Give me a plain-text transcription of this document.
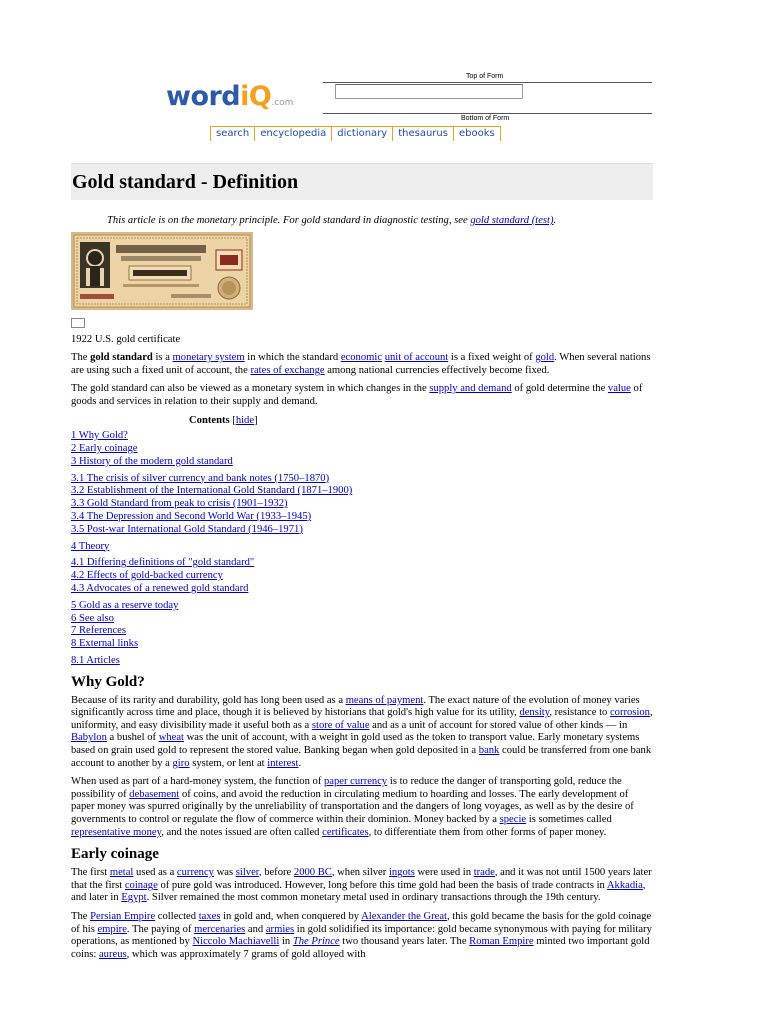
wordiQ.com
Top of Form
Bottom of Form
search	encyclopedia	dictionary	thesaurus	ebooks
Gold standard - Definition
This article is on the monetary principle. For gold standard in diagnostic testing, see gold standard (test).
1922 U.S. gold certificate

The gold standard is a monetary system in which the standard economic unit of account is a fixed weight of gold. When several nations are using such a fixed unit of account, the rates of exchange among national currencies effectively become fixed.

The gold standard can also be viewed as a monetary system in which changes in the supply and demand of gold determine the value of goods and services in relation to their supply and demand.

Contents [hide]
1 Why Gold?
2 Early coinage
3 History of the modern gold standard
3.1 The crisis of silver currency and bank notes (1750–1870)
3.2 Establishment of the International Gold Standard (1871–1900)
3.3 Gold Standard from peak to crisis (1901–1932)
3.4 The Depression and Second World War (1933–1945)
3.5 Post-war International Gold Standard (1946–1971)
4 Theory
4.1 Differing definitions of "gold standard"
4.2 Effects of gold-backed currency
4.3 Advocates of a renewed gold standard
5 Gold as a reserve today
6 See also
7 References
8 External links
8.1 Articles
Why Gold?

Because of its rarity and durability, gold has long been used as a means of payment. The exact nature of the evolution of money varies significantly across time and place, though it is believed by historians that gold's high value for its utility, density, resistance to corrosion, uniformity, and easy divisibility made it useful both as a store of value and as a unit of account for stored value of other kinds — in Babylon a bushel of wheat was the unit of account, with a weight in gold used as the token to transport value. Early monetary systems based on grain used gold to represent the stored value. Banking began when gold deposited in a bank could be transferred from one bank account to another by a giro system, or lent at interest.

When used as part of a hard-money system, the function of paper currency is to reduce the danger of transporting gold, reduce the possibility of debasement of coins, and avoid the reduction in circulating medium to hoarding and losses. The early development of paper money was spurred originally by the unreliability of transportation and the dangers of long voyages, as well as by the desire of governments to control or regulate the flow of commerce within their dominion. Money backed by a specie is sometimes called representative money, and the notes issued are often called certificates, to differentiate them from other forms of paper money.

Early coinage

The first metal used as a currency was silver, before 2000 BC, when silver ingots were used in trade, and it was not until 1500 years later that the first coinage of pure gold was introduced. However, long before this time gold had been the basis of trade contracts in Akkadia, and later in Egypt. Silver remained the most common monetary metal used in ordinary transactions through the 19th century.

The Persian Empire collected taxes in gold and, when conquered by Alexander the Great, this gold became the basis for the gold coinage of his empire. The paying of mercenaries and armies in gold solidified its importance: gold became synonymous with paying for military operations, as mentioned by Niccolo Machiavelli in The Prince two thousand years later. The Roman Empire minted two important gold coins: aureus, which was approximately 7 grams of gold alloyed with
